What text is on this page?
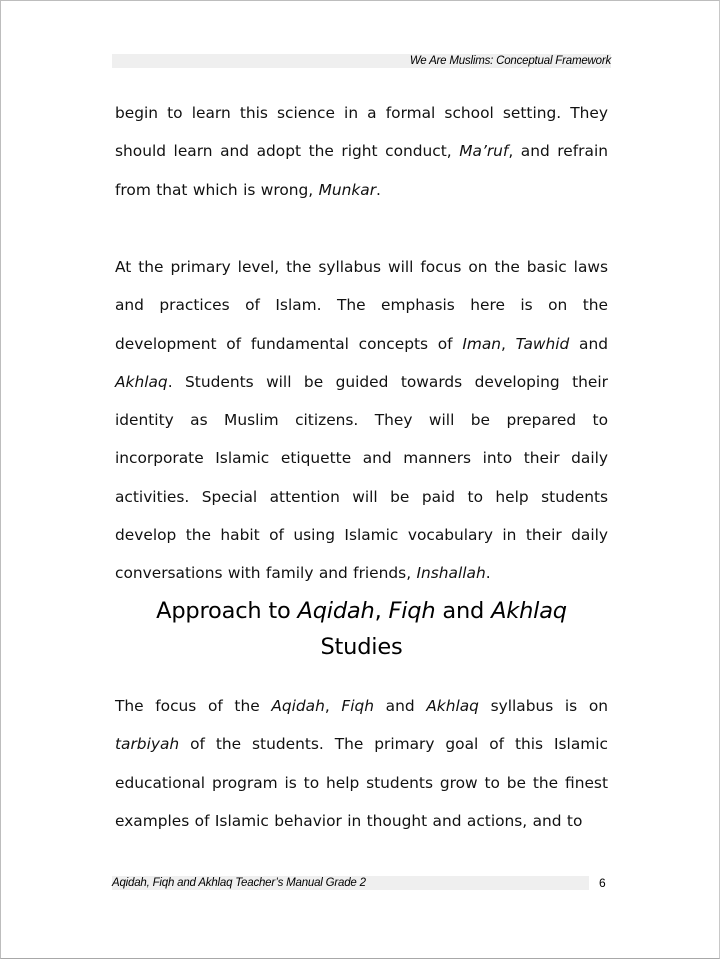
We Are Muslims: Conceptual Framework

begin to learn this science in a formal school setting. They should learn and adopt the right conduct, Ma’ruf, and refrain from that which is wrong, Munkar.

At the primary level, the syllabus will focus on the basic laws and practices of Islam. The emphasis here is on the development of fundamental concepts of Iman, Tawhid and Akhlaq. Students will be guided towards developing their identity as Muslim citizens. They will be prepared to incorporate Islamic etiquette and manners into their daily activities. Special attention will be paid to help students develop the habit of using Islamic vocabulary in their daily conversations with family and friends, Inshallah.

Approach to Aqidah, Fiqh and Akhlaq
Studies

The focus of the Aqidah, Fiqh and Akhlaq syllabus is on tarbiyah of the students. The primary goal of this Islamic educational program is to help students grow to be the finest examples of Islamic behavior in thought and actions, and to

Aqidah, Fiqh and Akhlaq Teacher’s Manual Grade 2	6
